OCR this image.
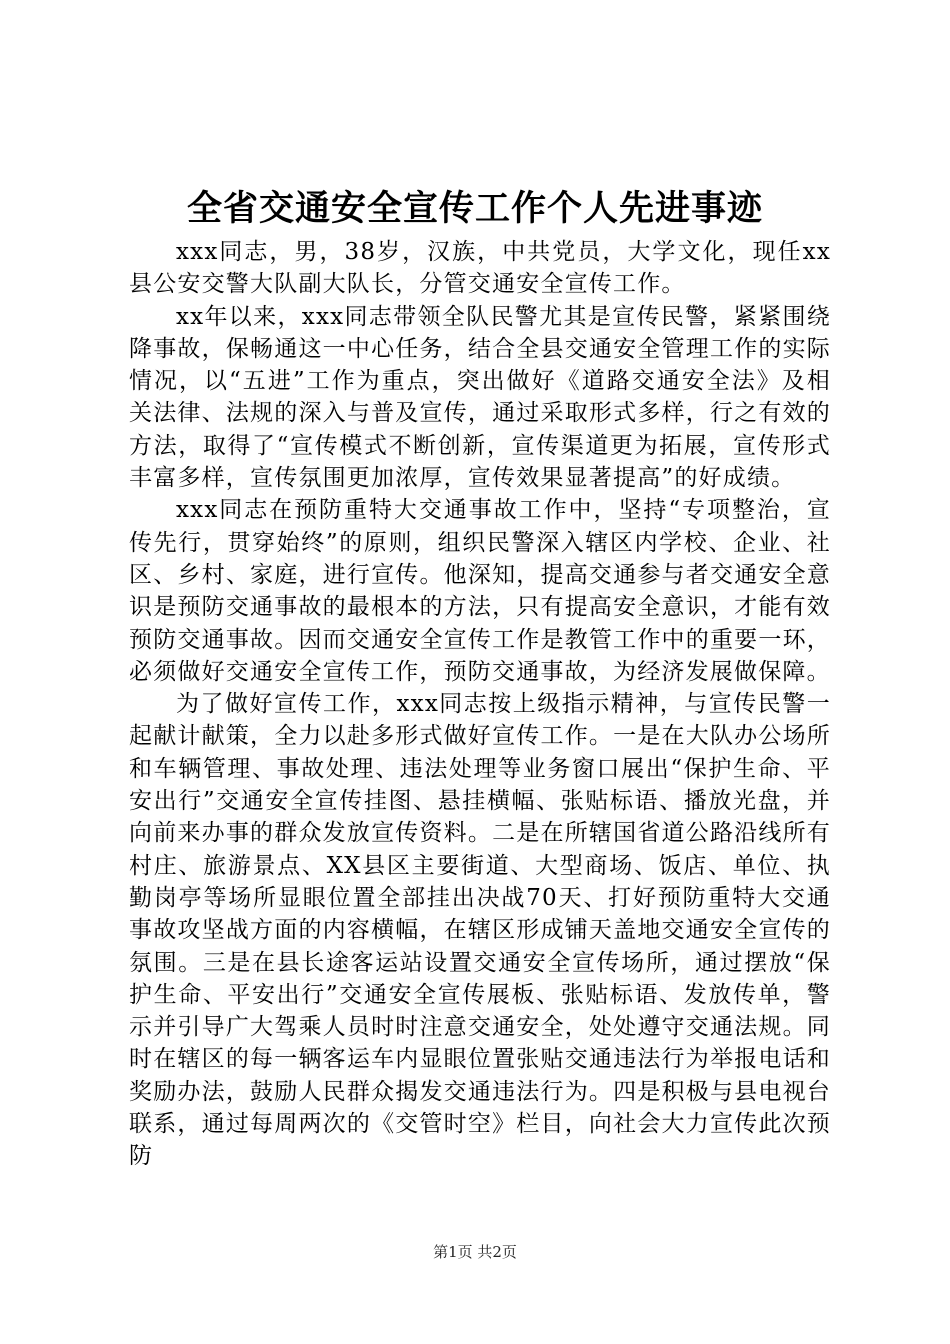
全省交通安全宣传工作个人先进事迹

xxx同志，男，38岁，汉族，中共党员，大学文化，现任xx县公安交警大队副大队长，分管交通安全宣传工作。

xx年以来，xxx同志带领全队民警尤其是宣传民警，紧紧围绕降事故，保畅通这一中心任务，结合全县交通安全管理工作的实际情况，以“五进”工作为重点，突出做好《道路交通安全法》及相关法律、法规的深入与普及宣传，通过采取形式多样，行之有效的方法，取得了“宣传模式不断创新，宣传渠道更为拓展，宣传形式丰富多样，宣传氛围更加浓厚，宣传效果显著提高”的好成绩。

xxx同志在预防重特大交通事故工作中，坚持“专项整治，宣传先行，贯穿始终”的原则，组织民警深入辖区内学校、企业、社区、乡村、家庭，进行宣传。他深知，提高交通参与者交通安全意识是预防交通事故的最根本的方法，只有提高安全意识，才能有效预防交通事故。因而交通安全宣传工作是教管工作中的重要一环，必须做好交通安全宣传工作，预防交通事故，为经济发展做保障。

为了做好宣传工作，xxx同志按上级指示精神，与宣传民警一起献计献策，全力以赴多形式做好宣传工作。一是在大队办公场所和车辆管理、事故处理、违法处理等业务窗口展出“保护生命、平安出行”交通安全宣传挂图、悬挂横幅、张贴标语、播放光盘，并向前来办事的群众发放宣传资料。二是在所辖国省道公路沿线所有村庄、旅游景点、XX县区主要街道、大型商场、饭店、单位、执勤岗亭等场所显眼位置全部挂出决战70天、打好预防重特大交通事故攻坚战方面的内容横幅，在辖区形成铺天盖地交通安全宣传的氛围。三是在县长途客运站设置交通安全宣传场所，通过摆放“保护生命、平安出行”交通安全宣传展板、张贴标语、发放传单，警示并引导广大驾乘人员时时注意交通安全，处处遵守交通法规。同时在辖区的每一辆客运车内显眼位置张贴交通违法行为举报电话和奖励办法，鼓励人民群众揭发交通违法行为。四是积极与县电视台联系，通过每周两次的《交管时空》栏目，向社会大力宣传此次预防

第1页 共2页
